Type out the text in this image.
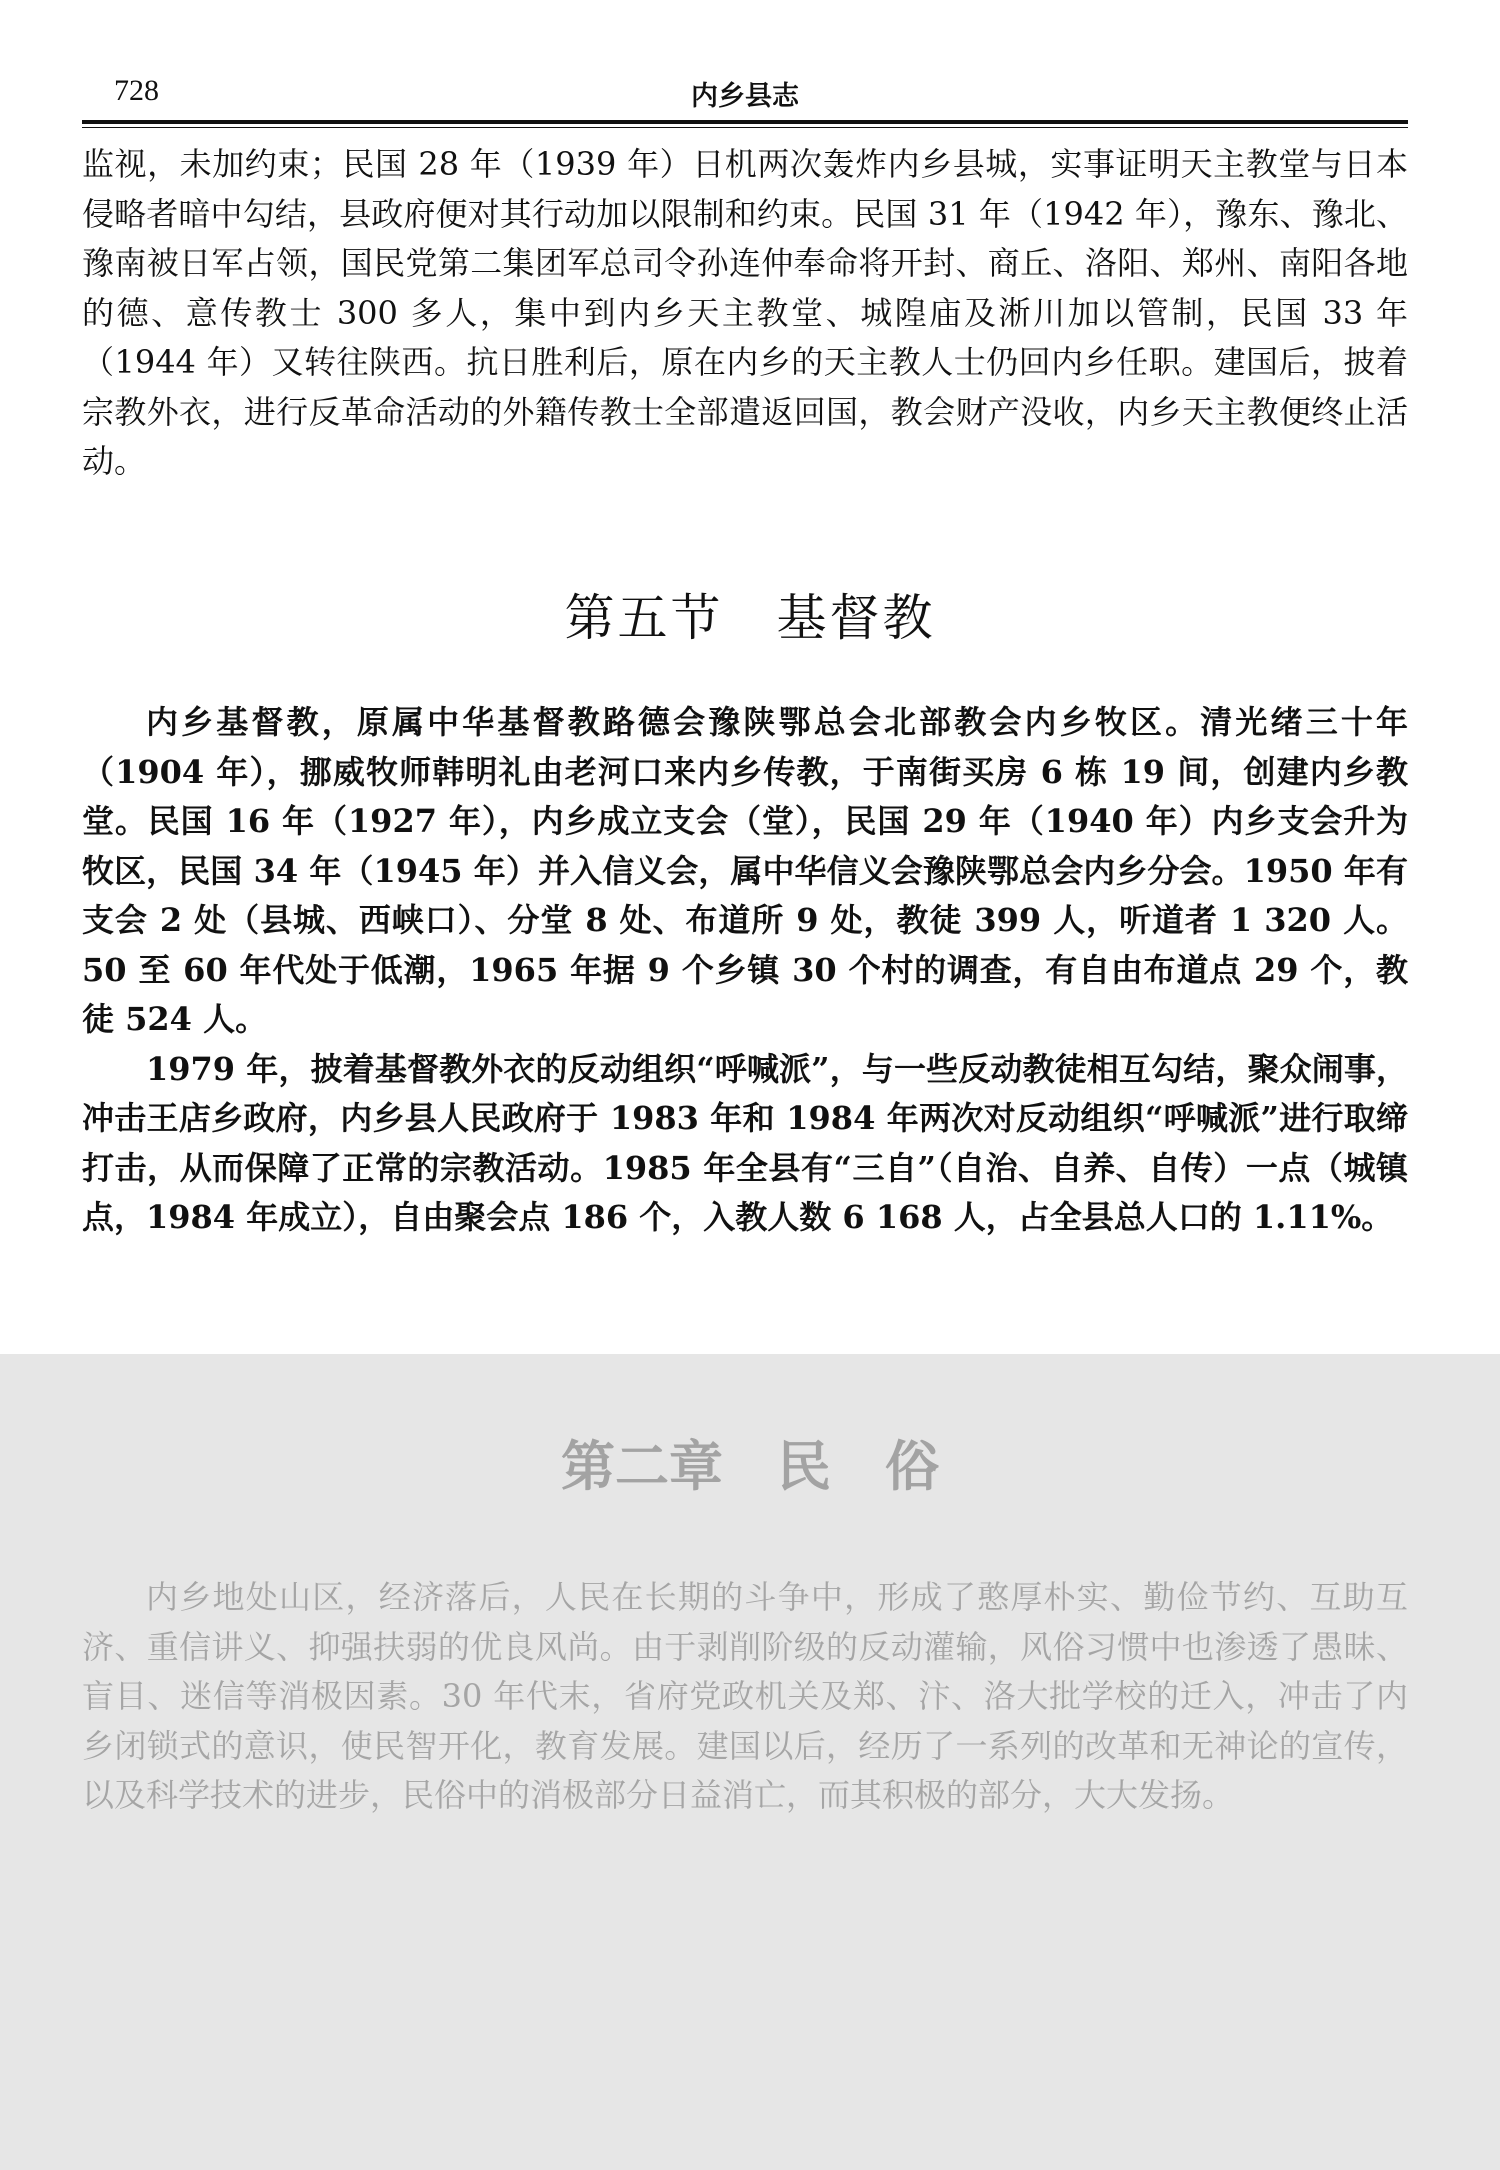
728	内乡县志

监视，未加约束；民国 28 年（1939 年）日机两次轰炸内乡县城，实事证明天主教堂与日本侵略者暗中勾结，县政府便对其行动加以限制和约束。民国 31 年（1942 年），豫东、豫北、豫南被日军占领，国民党第二集团军总司令孙连仲奉命将开封、商丘、洛阳、郑州、南阳各地的德、意传教士 300 多人，集中到内乡天主教堂、城隍庙及淅川加以管制，民国 33 年（1944 年）又转往陕西。抗日胜利后，原在内乡的天主教人士仍回内乡任职。建国后，披着宗教外衣，进行反革命活动的外籍传教士全部遣返回国，教会财产没收，内乡天主教便终止活动。

第五节　基督教

内乡基督教，原属中华基督教路德会豫陕鄂总会北部教会内乡牧区。清光绪三十年（1904 年），挪威牧师韩明礼由老河口来内乡传教，于南街买房 6 栋 19 间，创建内乡教堂。民国 16 年（1927 年），内乡成立支会（堂），民国 29 年（1940 年）内乡支会升为牧区，民国 34 年（1945 年）并入信义会，属中华信义会豫陕鄂总会内乡分会。1950 年有支会 2 处（县城、西峡口）、分堂 8 处、布道所 9 处，教徒 399 人，听道者 1 320 人。50 至 60 年代处于低潮，1965 年据 9 个乡镇 30 个村的调查，有自由布道点 29 个，教徒 524 人。

1979 年，披着基督教外衣的反动组织“呼喊派”，与一些反动教徒相互勾结，聚众闹事，冲击王店乡政府，内乡县人民政府于 1983 年和 1984 年两次对反动组织“呼喊派”进行取缔打击，从而保障了正常的宗教活动。1985 年全县有“三自”（自治、自养、自传）一点（城镇点，1984 年成立），自由聚会点 186 个，入教人数 6 168 人，占全县总人口的 1.11%。

第二章　民　俗

内乡地处山区，经济落后，人民在长期的斗争中，形成了憨厚朴实、勤俭节约、互助互济、重信讲义、抑强扶弱的优良风尚。由于剥削阶级的反动灌输，风俗习惯中也渗透了愚昧、盲目、迷信等消极因素。30 年代末，省府党政机关及郑、汴、洛大批学校的迁入，冲击了内乡闭锁式的意识，使民智开化，教育发展。建国以后，经历了一系列的改革和无神论的宣传，以及科学技术的进步，民俗中的消极部分日益消亡，而其积极的部分，大大发扬。
